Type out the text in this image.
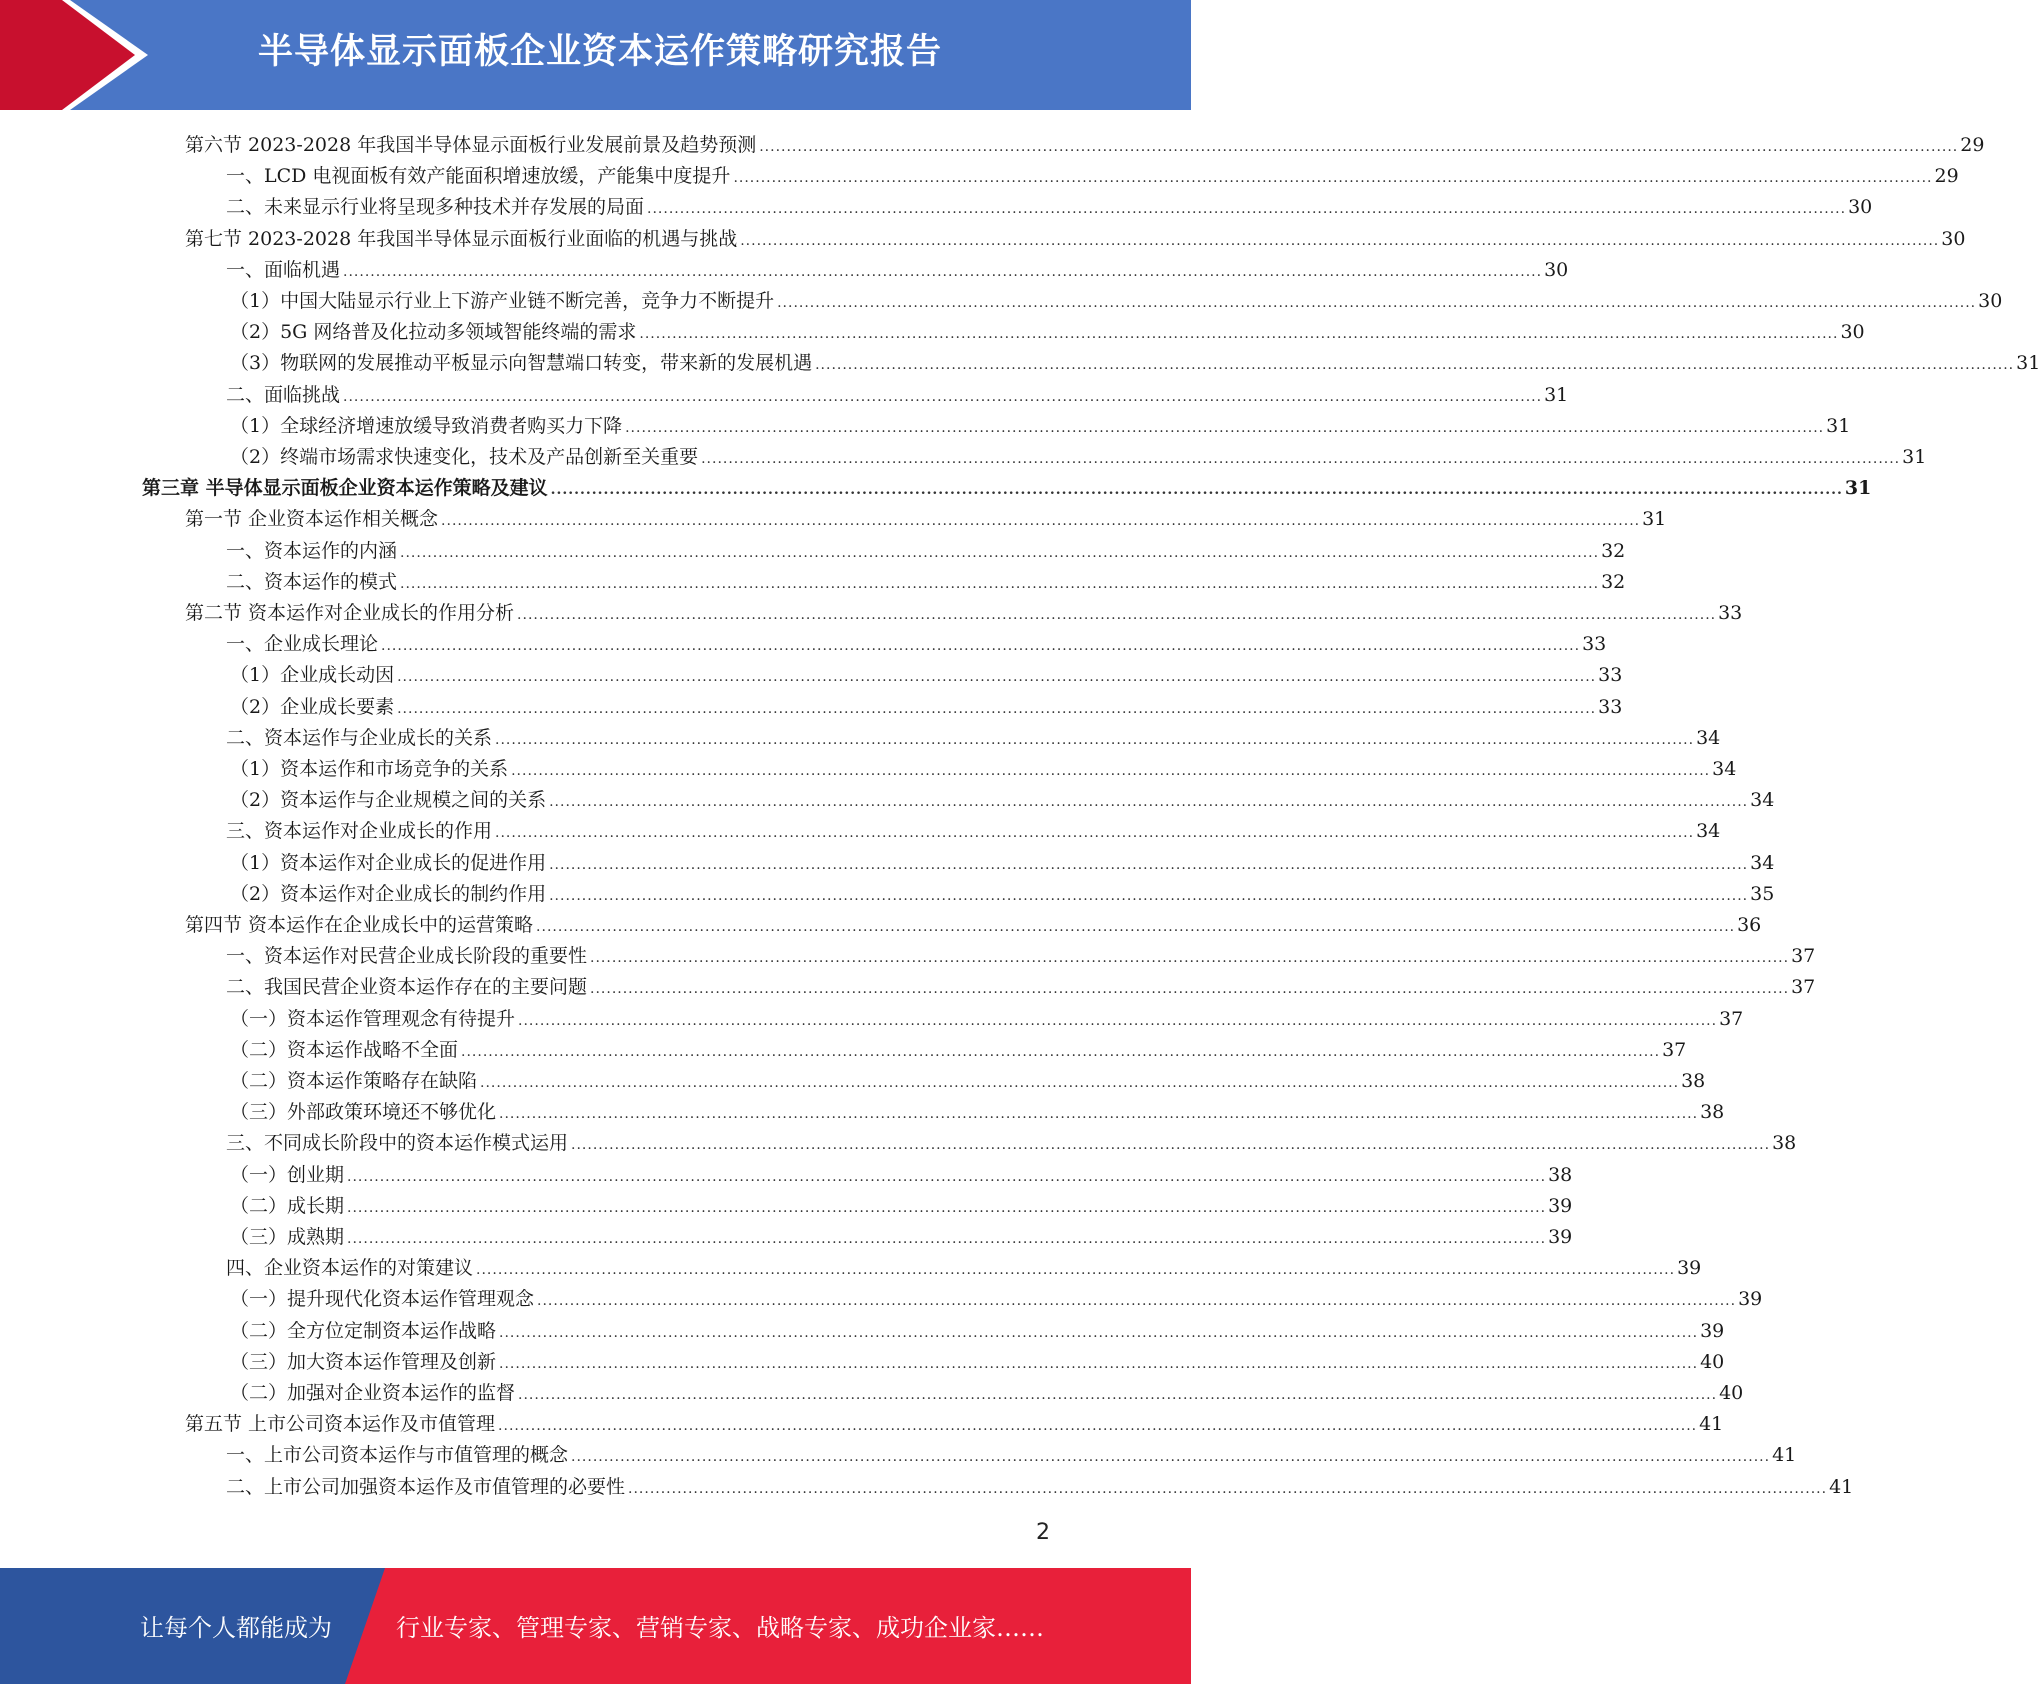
半导体显示面板企业资本运作策略研究报告
第六节 2023-2028 年我国半导体显示面板行业发展前景及趋势预测 ............................................................................................................................................................................................................................ 29
一、LCD 电视面板有效产能面积增速放缓，产能集中度提升 ............................................................................................................................................................................................................................ 29
二、未来显示行业将呈现多种技术并存发展的局面 ............................................................................................................................................................................................................................ 30
第七节 2023-2028 年我国半导体显示面板行业面临的机遇与挑战 ............................................................................................................................................................................................................................ 30
一、面临机遇 ............................................................................................................................................................................................................................ 30
（1）中国大陆显示行业上下游产业链不断完善，竞争力不断提升 ............................................................................................................................................................................................................................ 30
（2）5G 网络普及化拉动多领域智能终端的需求 ............................................................................................................................................................................................................................ 30
（3）物联网的发展推动平板显示向智慧端口转变，带来新的发展机遇 ............................................................................................................................................................................................................................ 31
二、面临挑战 ............................................................................................................................................................................................................................ 31
（1）全球经济增速放缓导致消费者购买力下降 ............................................................................................................................................................................................................................ 31
（2）终端市场需求快速变化，技术及产品创新至关重要 ............................................................................................................................................................................................................................ 31
第三章 半导体显示面板企业资本运作策略及建议 ............................................................................................................................................................................................................................ 31
第一节 企业资本运作相关概念 ............................................................................................................................................................................................................................ 31
一、资本运作的内涵 ............................................................................................................................................................................................................................ 32
二、资本运作的模式 ............................................................................................................................................................................................................................ 32
第二节 资本运作对企业成长的作用分析 ............................................................................................................................................................................................................................ 33
一、企业成长理论 ............................................................................................................................................................................................................................ 33
（1）企业成长动因 ............................................................................................................................................................................................................................ 33
（2）企业成长要素 ............................................................................................................................................................................................................................ 33
二、资本运作与企业成长的关系 ............................................................................................................................................................................................................................ 34
（1）资本运作和市场竞争的关系 ............................................................................................................................................................................................................................ 34
（2）资本运作与企业规模之间的关系 ............................................................................................................................................................................................................................ 34
三、资本运作对企业成长的作用 ............................................................................................................................................................................................................................ 34
（1）资本运作对企业成长的促进作用 ............................................................................................................................................................................................................................ 34
（2）资本运作对企业成长的制约作用 ............................................................................................................................................................................................................................ 35
第四节 资本运作在企业成长中的运营策略 ............................................................................................................................................................................................................................ 36
一、资本运作对民营企业成长阶段的重要性 ............................................................................................................................................................................................................................ 37
二、我国民营企业资本运作存在的主要问题 ............................................................................................................................................................................................................................ 37
（一）资本运作管理观念有待提升 ............................................................................................................................................................................................................................ 37
（二）资本运作战略不全面 ............................................................................................................................................................................................................................ 37
（二）资本运作策略存在缺陷 ............................................................................................................................................................................................................................ 38
（三）外部政策环境还不够优化 ............................................................................................................................................................................................................................ 38
三、不同成长阶段中的资本运作模式运用 ............................................................................................................................................................................................................................ 38
（一）创业期 ............................................................................................................................................................................................................................ 38
（二）成长期 ............................................................................................................................................................................................................................ 39
（三）成熟期 ............................................................................................................................................................................................................................ 39
四、企业资本运作的对策建议 ............................................................................................................................................................................................................................ 39
（一）提升现代化资本运作管理观念 ............................................................................................................................................................................................................................ 39
（二）全方位定制资本运作战略 ............................................................................................................................................................................................................................ 39
（三）加大资本运作管理及创新 ............................................................................................................................................................................................................................ 40
（二）加强对企业资本运作的监督 ............................................................................................................................................................................................................................ 40
第五节 上市公司资本运作及市值管理 ............................................................................................................................................................................................................................ 41
一、上市公司资本运作与市值管理的概念 ............................................................................................................................................................................................................................ 41
二、上市公司加强资本运作及市值管理的必要性 ............................................................................................................................................................................................................................ 41
2
让每个人都能成为	行业专家、管理专家、营销专家、战略专家、成功企业家……
